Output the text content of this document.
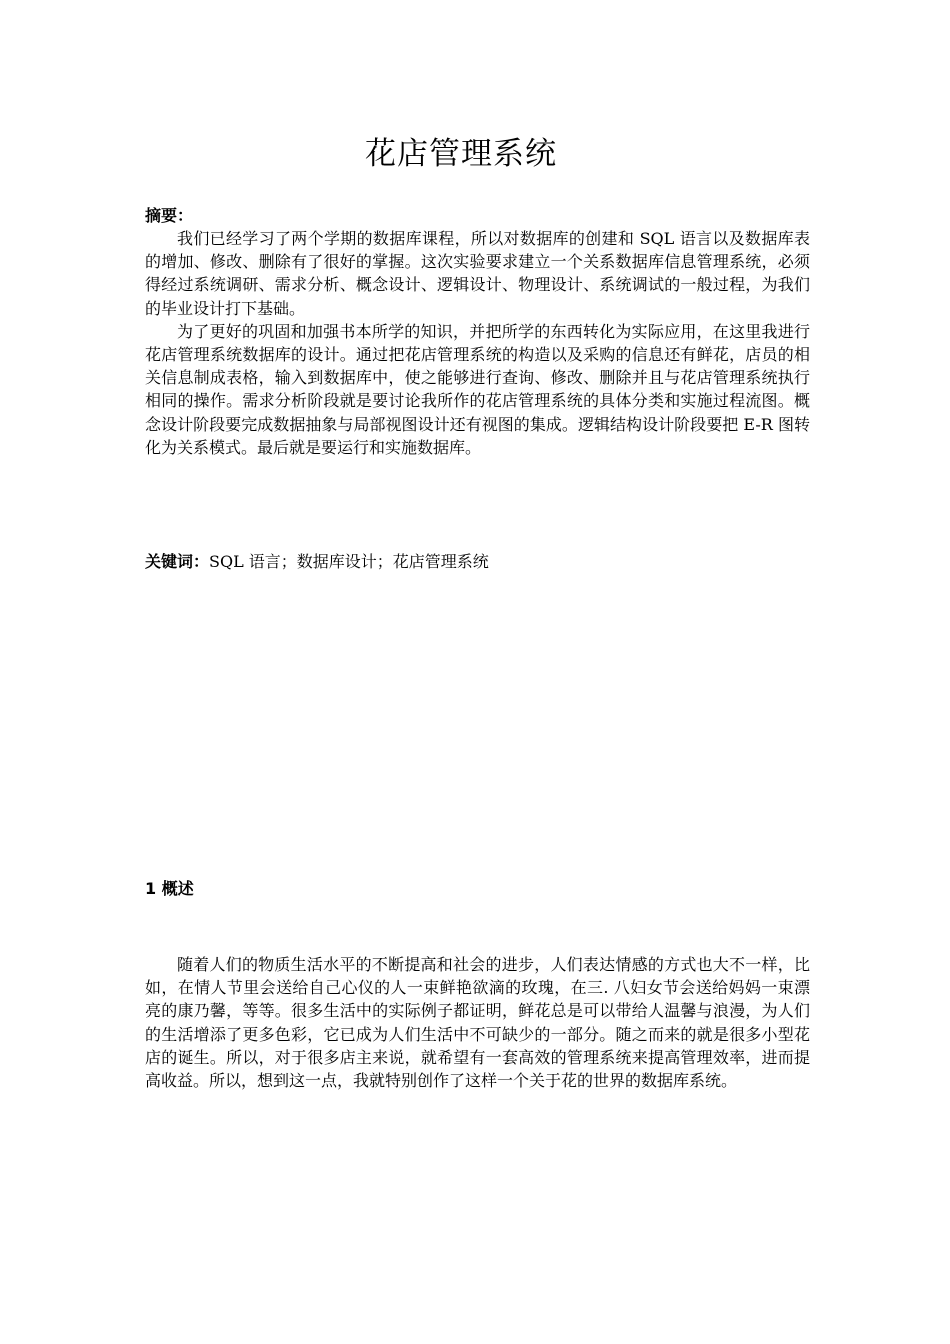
花店管理系统
摘要：

我们已经学习了两个学期的数据库课程，所以对数据库的创建和 SQL 语言以及数据库表的增加、修改、删除有了很好的掌握。这次实验要求建立一个关系数据库信息管理系统，必须得经过系统调研、需求分析、概念设计、逻辑设计、物理设计、系统调试的一般过程，为我们的毕业设计打下基础。

为了更好的巩固和加强书本所学的知识，并把所学的东西转化为实际应用，在这里我进行花店管理系统数据库的设计。通过把花店管理系统的构造以及采购的信息还有鲜花，店员的相关信息制成表格，输入到数据库中，使之能够进行查询、修改、删除并且与花店管理系统执行相同的操作。需求分析阶段就是要讨论我所作的花店管理系统的具体分类和实施过程流图。概念设计阶段要完成数据抽象与局部视图设计还有视图的集成。逻辑结构设计阶段要把 E-R 图转化为关系模式。最后就是要运行和实施数据库。

关键词：SQL 语言；数据库设计；花店管理系统
1 概述

随着人们的物质生活水平的不断提高和社会的进步，人们表达情感的方式也大不一样，比如，在情人节里会送给自己心仪的人一束鲜艳欲滴的玫瑰，在三. 八妇女节会送给妈妈一束漂亮的康乃馨，等等。很多生活中的实际例子都证明，鲜花总是可以带给人温馨与浪漫，为人们的生活增添了更多色彩，它已成为人们生活中不可缺少的一部分。随之而来的就是很多小型花店的诞生。所以，对于很多店主来说，就希望有一套高效的管理系统来提高管理效率，进而提高收益。所以，想到这一点，我就特别创作了这样一个关于花的世界的数据库系统。
